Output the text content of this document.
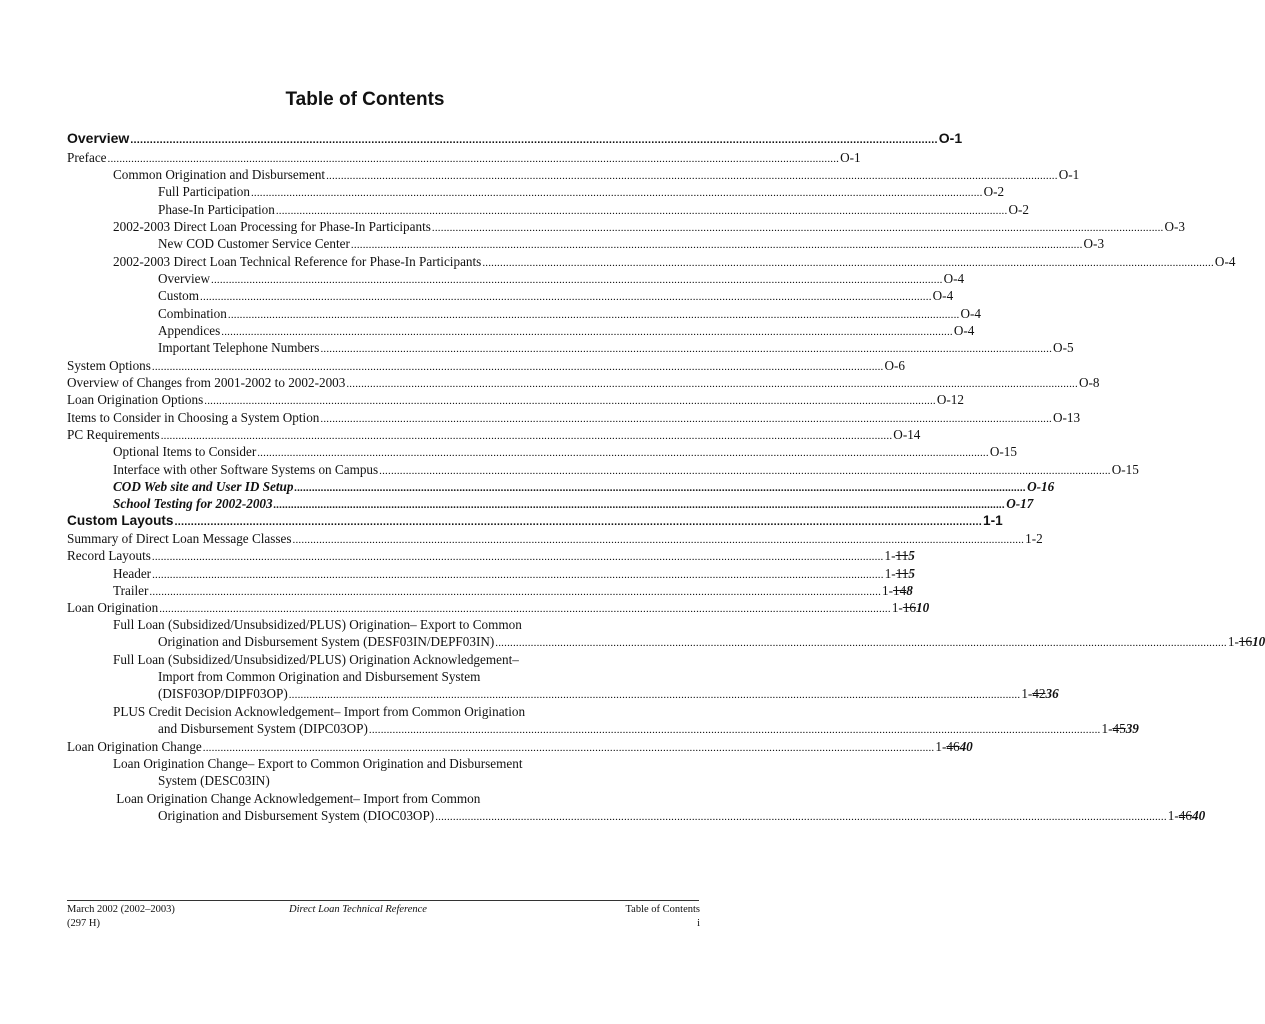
Table of Contents
Overview ........................................................................................................................................................................................................................................................ O-1
Preface ........................................................................................................................................................................................................................................................ O-1
Common Origination and Disbursement ........................................................................................................................................................................................................................................................ O-1
Full Participation ........................................................................................................................................................................................................................................................ O-2
Phase-In Participation ........................................................................................................................................................................................................................................................ O-2
2002-2003 Direct Loan Processing for Phase-In Participants ........................................................................................................................................................................................................................................................ O-3
New COD Customer Service Center ........................................................................................................................................................................................................................................................ O-3
2002-2003 Direct Loan Technical Reference for Phase-In Participants ........................................................................................................................................................................................................................................................ O-4
Overview ........................................................................................................................................................................................................................................................ O-4
Custom ........................................................................................................................................................................................................................................................ O-4
Combination ........................................................................................................................................................................................................................................................ O-4
Appendices ........................................................................................................................................................................................................................................................ O-4
Important Telephone Numbers ........................................................................................................................................................................................................................................................ O-5
System Options ........................................................................................................................................................................................................................................................ O-6
Overview of Changes from 2001-2002 to 2002-2003 ........................................................................................................................................................................................................................................................ O-8
Loan Origination Options ........................................................................................................................................................................................................................................................ O-12
Items to Consider in Choosing a System Option ........................................................................................................................................................................................................................................................ O-13
PC Requirements ........................................................................................................................................................................................................................................................ O-14
Optional Items to Consider ........................................................................................................................................................................................................................................................ O-15
Interface with other Software Systems on Campus ........................................................................................................................................................................................................................................................ O-15
COD Web site and User ID Setup ........................................................................................................................................................................................................................................................ O-16
School Testing for 2002-2003 ........................................................................................................................................................................................................................................................ O-17
Custom Layouts ........................................................................................................................................................................................................................................................ 1-1
Summary of Direct Loan Message Classes ........................................................................................................................................................................................................................................................ 1-2
Record Layouts ........................................................................................................................................................................................................................................................ 1-115
Header ........................................................................................................................................................................................................................................................ 1-115
Trailer ........................................................................................................................................................................................................................................................ 1-148
Loan Origination ........................................................................................................................................................................................................................................................ 1-1610
Full Loan (Subsidized/Unsubsidized/PLUS) Origination– Export to Common
Origination and Disbursement System (DESF03IN/DEPF03IN) ........................................................................................................................................................................................................................................................ 1-1610
Full Loan (Subsidized/Unsubsidized/PLUS) Origination Acknowledgement–
Import from Common Origination and Disbursement System
(DISF03OP/DIPF03OP) ........................................................................................................................................................................................................................................................ 1-4236
PLUS Credit Decision Acknowledgement– Import from Common Origination
and Disbursement System (DIPC03OP) ........................................................................................................................................................................................................................................................ 1-4539
Loan Origination Change ........................................................................................................................................................................................................................................................ 1-4640
Loan Origination Change– Export to Common Origination and Disbursement
System (DESC03IN)
Loan Origination Change Acknowledgement– Import from Common
Origination and Disbursement System (DIOC03OP) ........................................................................................................................................................................................................................................................ 1-4640
March 2002 (2002–2003)
(297 H)
Direct Loan Technical Reference	Table of Contents
i
